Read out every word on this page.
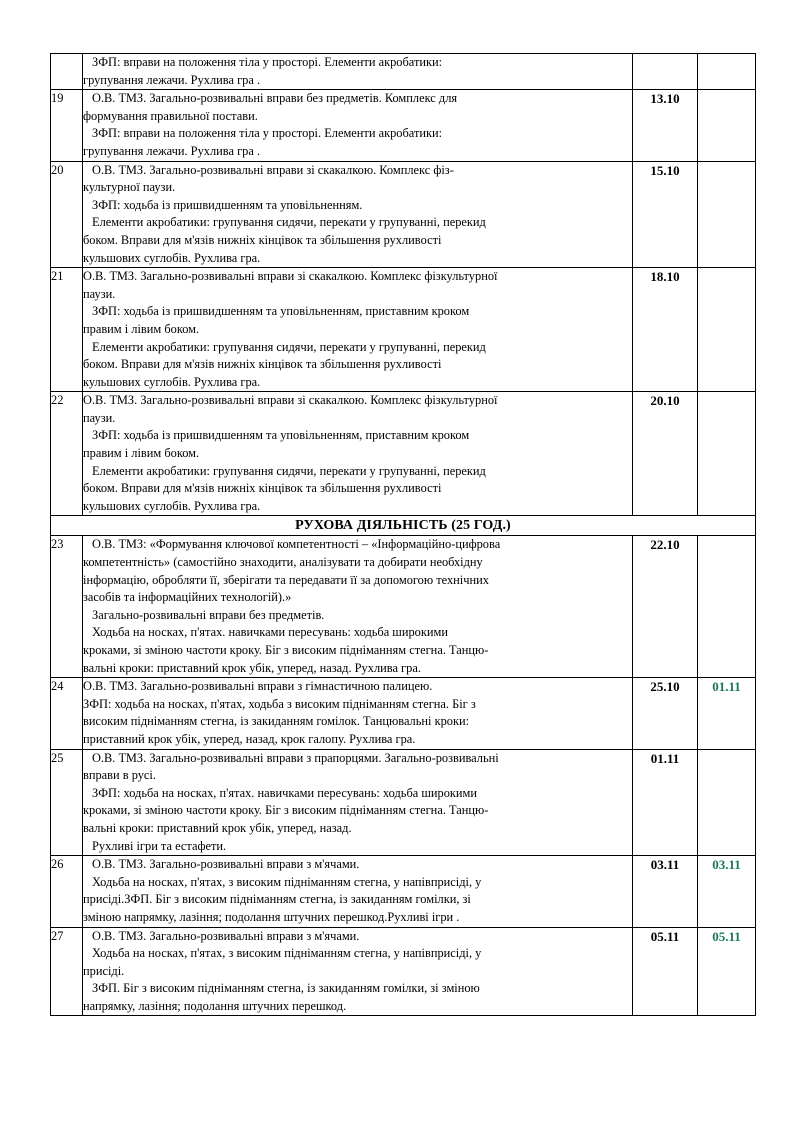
	ЗФП: вправи на положення тіла у просторі. Елементи акробатики:

групування лежачи. Рухлива гра .		

19	О.В. ТМЗ. Загально-розвивальні вправи без предметів. Комплекс для

формування правильної постави.

ЗФП: вправи на положення тіла у просторі. Елементи акробатики:

групування лежачи. Рухлива гра .	13.10	
20	О.В. ТМЗ. Загально-розвивальні вправи зі скакалкою. Комплекс фіз-

культурної паузи.

ЗФП: ходьба із пришвидшенням та уповільненням.

Елементи акробатики: групування сидячи, перекати у групуванні, перекид

боком. Вправи для м'язів нижніх кінцівок та збільшення рухливості

кульшових суглобів. Рухлива гра.

	15.10	
21	О.В. ТМЗ. Загально-розвивальні вправи зі скакалкою. Комплекс фізкультурної

паузи.

ЗФП: ходьба із пришвидшенням та уповільненням, приставним кроком

правим і лівим боком.

Елементи акробатики: групування сидячи, перекати у групуванні, перекид

боком. Вправи для м'язів нижніх кінцівок та збільшення рухливості

кульшових суглобів. Рухлива гра.

	18.10	
22	О.В. ТМЗ. Загально-розвивальні вправи зі скакалкою. Комплекс фізкультурної

паузи.

ЗФП: ходьба із пришвидшенням та уповільненням, приставним кроком

правим і лівим боком.

Елементи акробатики: групування сидячи, перекати у групуванні, перекид

боком. Вправи для м'язів нижніх кінцівок та збільшення рухливості

кульшових суглобів. Рухлива гра.

	20.10	
РУХОВА ДІЯЛЬНІСТЬ (25 ГОД.)			
23	О.В. ТМЗ: «Формування ключової компетентності – «Інформаційно-цифрова

компетентність» (самостійно знаходити, аналізувати та добирати необхідну

інформацію, обробляти її, зберігати та передавати її за допомогою технічних

засобів та інформаційних технологій).»

Загально-розвивальні вправи без предметів.

Ходьба на носках, п'ятах. навичками пересувань: ходьба широкими

кроками, зі зміною частоти кроку. Біг з високим підніманням стегна. Танцю-

вальні кроки: приставний крок убік, уперед, назад. Рухлива гра.

	22.10	
24	О.В. ТМЗ. Загально-розвивальні вправи з гімнастичною палицею.

ЗФП: ходьба на носках, п'ятах, ходьба з високим підніманням стегна. Біг з

високим підніманням стегна, із закиданням гомілок. Танцювальні кроки:

приставний крок убік, уперед, назад, крок галопу. Рухлива гра.	25.10	01.11
25	О.В. ТМЗ. Загально-розвивальні вправи з прапорцями. Загально-розвивальні

вправи в русі.

ЗФП: ходьба на носках, п'ятах. навичками пересувань: ходьба широкими

кроками, зі зміною частоти кроку. Біг з високим підніманням стегна. Танцю-

вальні кроки: приставний крок убік, уперед, назад.

Рухливі ігри та естафети.

	01.11	
26	О.В. ТМЗ. Загально-розвивальні вправи з м'ячами.

Ходьба на носках, п'ятах, з високим підніманням стегна, у напівприсіді, у

присіді.ЗФП. Біг з високим підніманням стегна, із закиданням гомілки, зі

зміною напрямку, лазіння; подолання штучних перешкод.Рухливі ігри .	03.11	03.11
27	О.В. ТМЗ. Загально-розвивальні вправи з м'ячами.

Ходьба на носках, п'ятах, з високим підніманням стегна, у напівприсіді, у

присіді.

ЗФП. Біг з високим підніманням стегна, із закиданням гомілки, зі зміною

напрямку, лазіння; подолання штучних перешкод.	05.11	05.11
